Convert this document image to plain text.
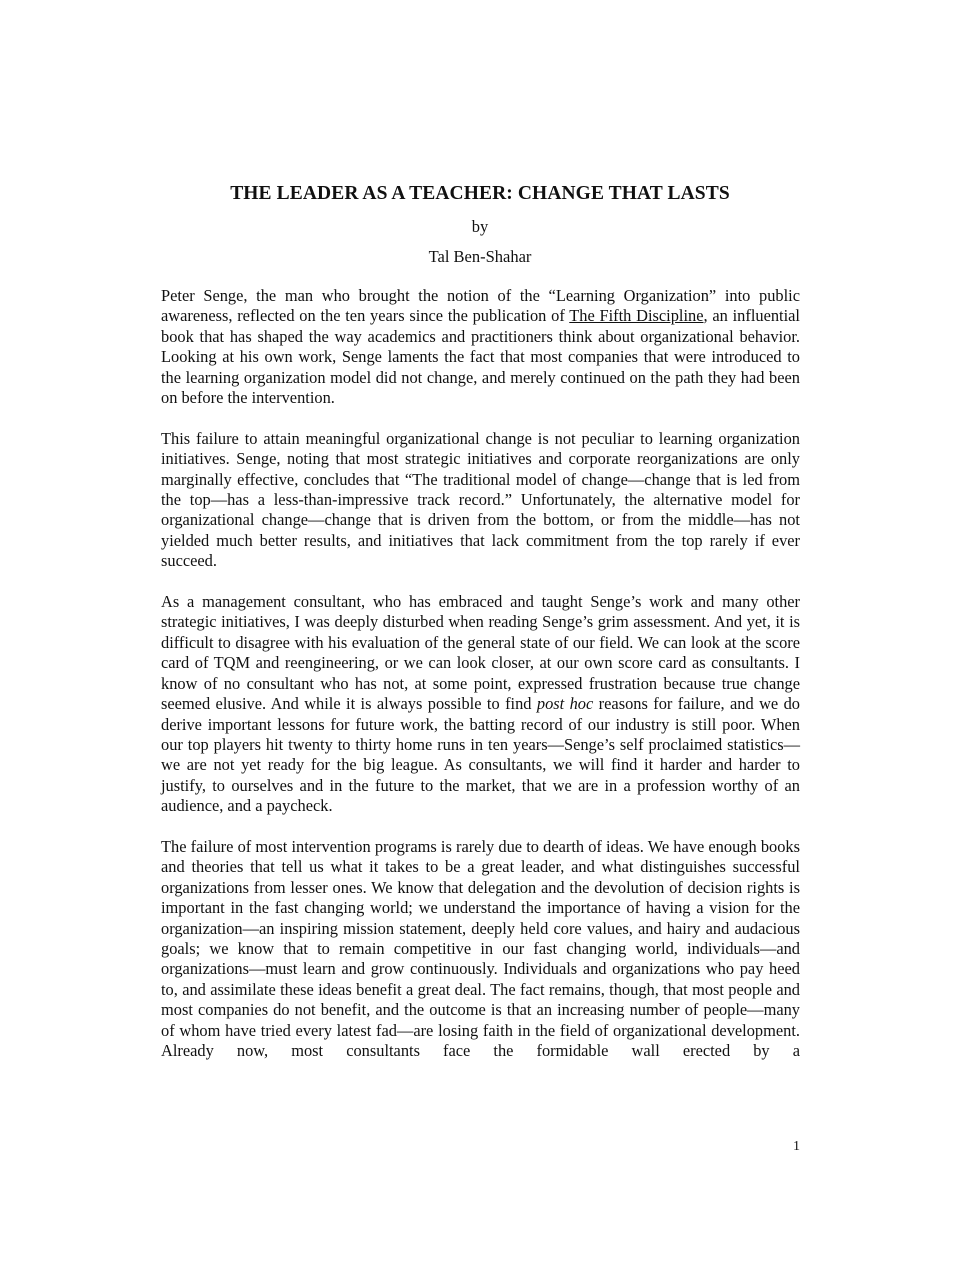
THE LEADER AS A TEACHER: CHANGE THAT LASTS
by
Tal Ben-Shahar

Peter Senge, the man who brought the notion of the “Learning Organization” into public awareness, reflected on the ten years since the publication of The Fifth Discipline, an influential book that has shaped the way academics and practitioners think about organizational behavior. Looking at his own work, Senge laments the fact that most companies that were introduced to the learning organization model did not change, and merely continued on the path they had been on before the intervention.

This failure to attain meaningful organizational change is not peculiar to learning organization initiatives. Senge, noting that most strategic initiatives and corporate reorganizations are only marginally effective, concludes that “The traditional model of change—change that is led from the top—has a less-than-impressive track record.” Unfortunately, the alternative model for organizational change—change that is driven from the bottom, or from the middle—has not yielded much better results, and initiatives that lack commitment from the top rarely if ever succeed.

As a management consultant, who has embraced and taught Senge’s work and many other strategic initiatives, I was deeply disturbed when reading Senge’s grim assessment. And yet, it is difficult to disagree with his evaluation of the general state of our field. We can look at the score card of TQM and reengineering, or we can look closer, at our own score card as consultants. I know of no consultant who has not, at some point, expressed frustration because true change seemed elusive. And while it is always possible to find post hoc reasons for failure, and we do derive important lessons for future work, the batting record of our industry is still poor. When our top players hit twenty to thirty home runs in ten years—Senge’s self proclaimed statistics—we are not yet ready for the big league. As consultants, we will find it harder and harder to justify, to ourselves and in the future to the market, that we are in a profession worthy of an audience, and a paycheck.

The failure of most intervention programs is rarely due to dearth of ideas. We have enough books and theories that tell us what it takes to be a great leader, and what distinguishes successful organizations from lesser ones. We know that delegation and the devolution of decision rights is important in the fast changing world; we understand the importance of having a vision for the organization—an inspiring mission statement, deeply held core values, and hairy and audacious goals; we know that to remain competitive in our fast changing world, individuals—and organizations—must learn and grow continuously. Individuals and organizations who pay heed to, and assimilate these ideas benefit a great deal. The fact remains, though, that most people and most companies do not benefit, and the outcome is that an increasing number of people—many of whom have tried every latest fad—are losing faith in the field of organizational development. Already now, most consultants face the formidable wall erected by a

1
